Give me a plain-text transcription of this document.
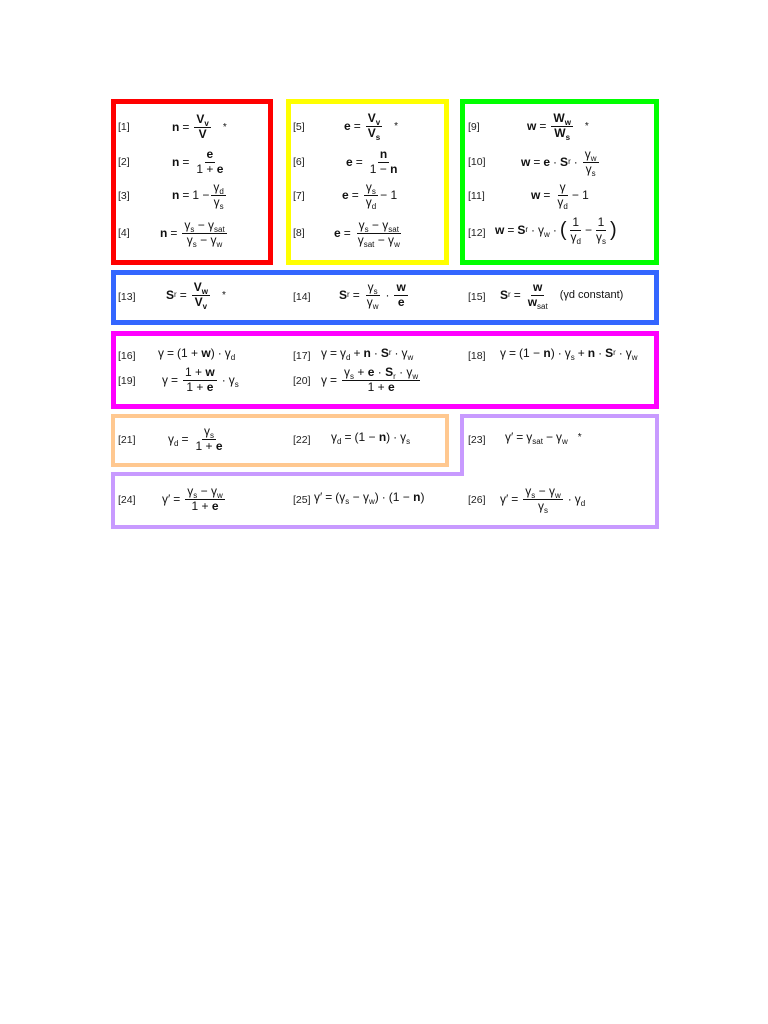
[1]	$n = \frac{V_v}{V}$ *
[2]	$n = \frac{e}{1 + e}$
[3]	$n = 1 - \frac{\gamma_d}{\gamma_s}$
[4]	$n = \frac{\gamma_s - \gamma_{sat}}{\gamma_s - \gamma_w}$
[5]	$e = \frac{V_v}{V_s}$ *
[6]	$e = \frac{n}{1 - n}$
[7]	$e = \frac{\gamma_s}{\gamma_d} - 1$
[8] $e = \frac{\gamma_s - \gamma_{sat}}{\gamma_{sat} - \gamma_w}$
[9]	$w = \frac{W_w}{W_s}$ *
[10]	w = e · S $r \cdot \frac{\gamma_w}{\gamma_s}$
[11]	$w = \frac{\gamma}{\gamma_d} - 1$
[12] w = S $r \cdot \gamma_w$ · ( $\frac{1}{\gamma_d} - \frac{1}{\gamma_s}$ )
[13]	S $r = \frac{V_w}{V_v}$ *	[14] S $r = \frac{\gamma_s}{\gamma_w} \cdot \frac{w}{e}$	[15] S $r = \frac{w}{w_{sat}} (\gamma d$ constant)
[16] $\gamma = (1 + w) \cdot \gamma_d$	[17] $\gamma = \gamma_d + n \cdot S$ $r \cdot \gamma_w$	[18] $\gamma = (1 - n) \cdot \gamma_s + n \cdot S$ $r \cdot \gamma_w$
[19] $\gamma = \frac{1 + w}{1 + e} \cdot \gamma_s$	[20] $\gamma = \frac{\gamma_s + e \cdot S_r \cdot \gamma_w}{1 + e}$
[21]	$\gamma_d = \frac{\gamma_s}{1 + e}$	[22] $\gamma_d = (1 - n) \cdot \gamma_s$	[23] $\gamma' = \gamma_{sat} - \gamma_w$ *
[24] $\gamma' = \frac{\gamma_s - \gamma_w}{1 + e}$	[25] $\gamma' = (\gamma_s - \gamma_w) \cdot (1 - n)$	[26] $\gamma' = \frac{\gamma_s - \gamma_w}{\gamma_s} \cdot \gamma_d$
